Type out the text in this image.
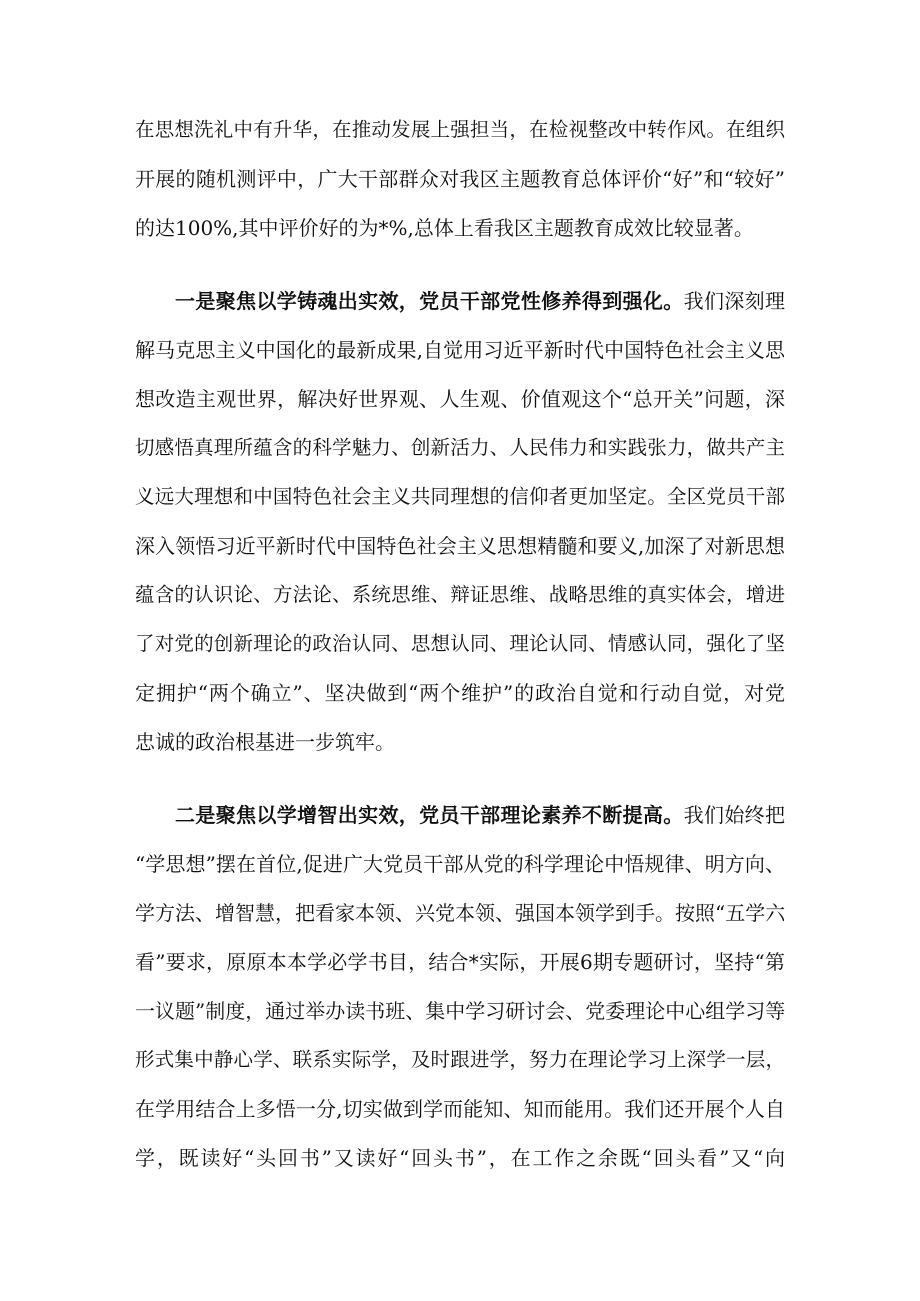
在思想洗礼中有升华，在推动发展上强担当，在检视整改中转作风。在组织
开展的随机测评中，广大干部群众对我区主题教育总体评价“好”和“较好”
的达100%,其中评价好的为*%,总体上看我区主题教育成效比较显著。
一是聚焦以学铸魂出实效，党员干部党性修养得到强化。我们深刻理
解马克思主义中国化的最新成果,自觉用习近平新时代中国特色社会主义思
想改造主观世界，解决好世界观、人生观、价值观这个“总开关”问题，深
切感悟真理所蕴含的科学魅力、创新活力、人民伟力和实践张力，做共产主
义远大理想和中国特色社会主义共同理想的信仰者更加坚定。全区党员干部
深入领悟习近平新时代中国特色社会主义思想精髓和要义,加深了对新思想
蕴含的认识论、方法论、系统思维、辩证思维、战略思维的真实体会，增进
了对党的创新理论的政治认同、思想认同、理论认同、情感认同，强化了坚
定拥护“两个确立”、坚决做到“两个维护”的政治自觉和行动自觉，对党
忠诚的政治根基进一步筑牢。
二是聚焦以学增智出实效，党员干部理论素养不断提高。我们始终把
“学思想”摆在首位,促进广大党员干部从党的科学理论中悟规律、明方向、
学方法、增智慧，把看家本领、兴党本领、强国本领学到手。按照“五学六
看”要求，原原本本学必学书目，结合*实际，开展6期专题研讨，坚持“第
一议题”制度，通过举办读书班、集中学习研讨会、党委理论中心组学习等
形式集中静心学、联系实际学，及时跟进学，努力在理论学习上深学一层，
在学用结合上多悟一分,切实做到学而能知、知而能用。我们还开展个人自
学，既读好“头回书”又读好“回头书”，在工作之余既“回头看”又“向
